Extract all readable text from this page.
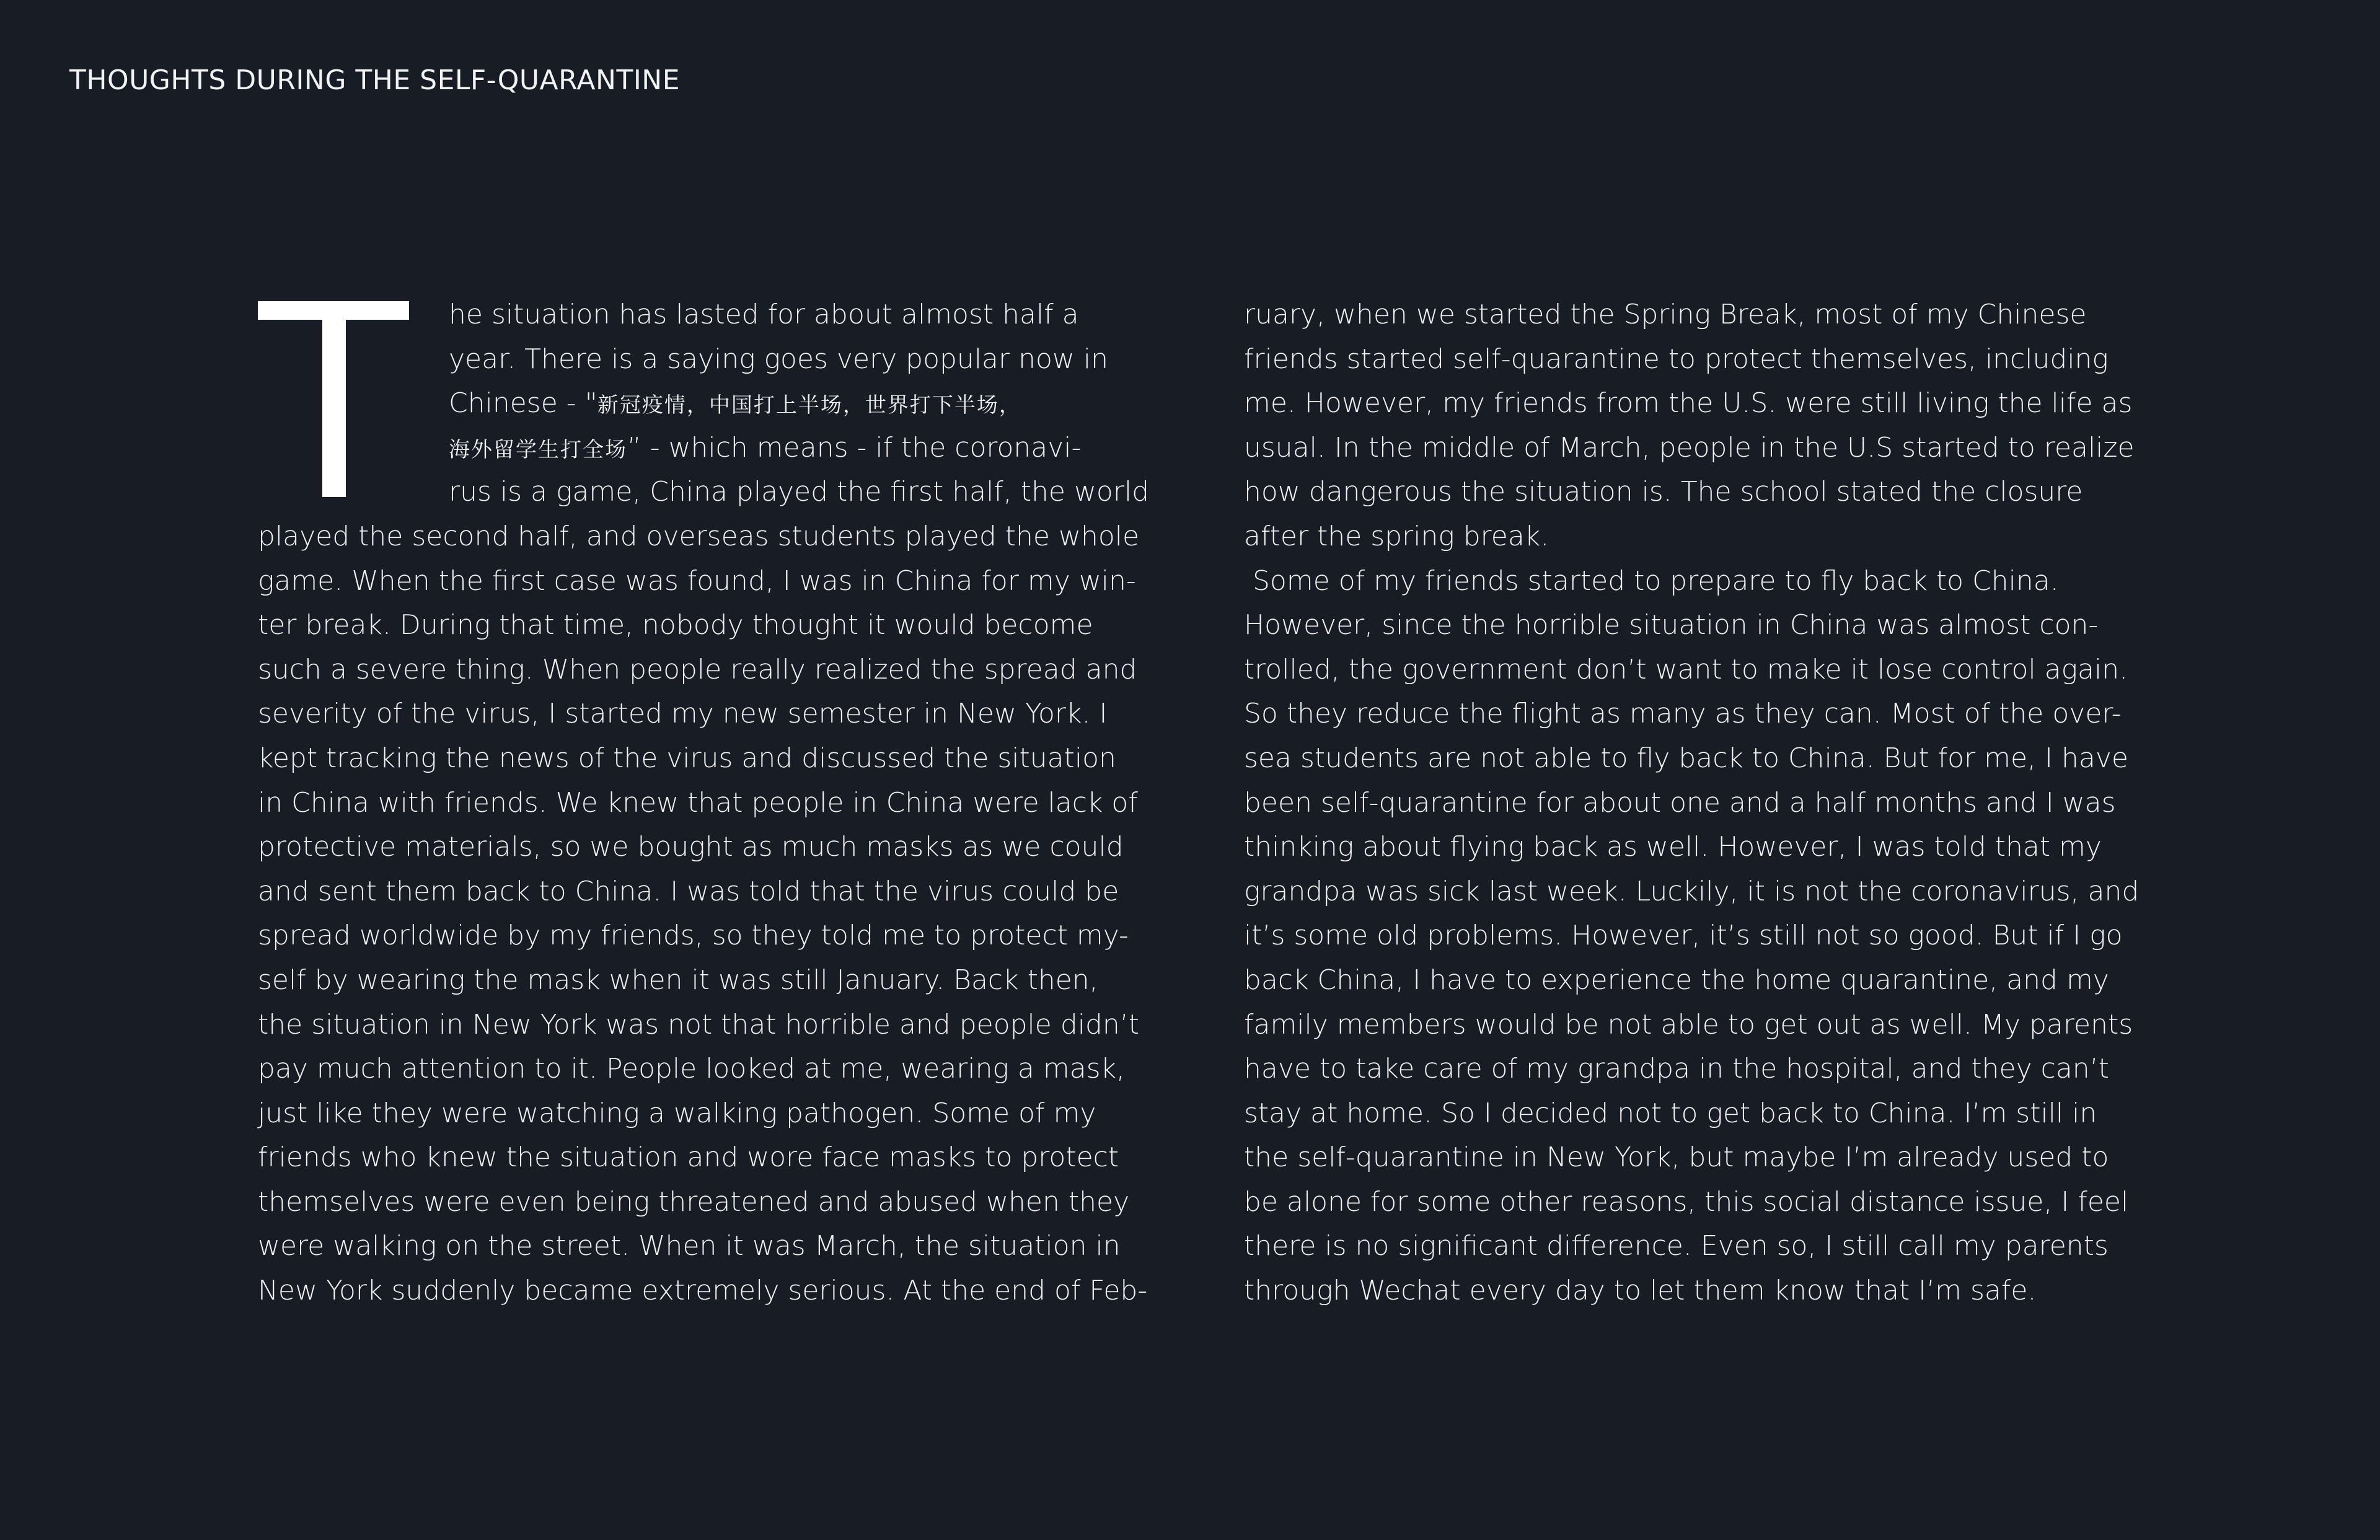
THOUGHTS DURING THE SELF-QUARANTINE
he situation has lasted for about almost half a
year. There is a saying goes very popular now in
Chinese - "新冠疫情，中国打上半场，世界打下半场，
海外留学生打全场” - which means - if the coronavi-
rus is a game, China played the first half, the world
played the second half, and overseas students played the whole
game. When the first case was found, I was in China for my win-
ter break. During that time, nobody thought it would become
such a severe thing. When people really realized the spread and
severity of the virus, I started my new semester in New York. I
kept tracking the news of the virus and discussed the situation
in China with friends. We knew that people in China were lack of
protective materials, so we bought as much masks as we could
and sent them back to China. I was told that the virus could be
spread worldwide by my friends, so they told me to protect my-
self by wearing the mask when it was still January. Back then,
the situation in New York was not that horrible and people didn’t
pay much attention to it. People looked at me, wearing a mask,
just like they were watching a walking pathogen. Some of my
friends who knew the situation and wore face masks to protect
themselves were even being threatened and abused when they
were walking on the street. When it was March, the situation in
New York suddenly became extremely serious. At the end of Feb-
ruary, when we started the Spring Break, most of my Chinese
friends started self-quarantine to protect themselves, including
me. However, my friends from the U.S. were still living the life as
usual. In the middle of March, people in the U.S started to realize
how dangerous the situation is. The school stated the closure
after the spring break.
Some of my friends started to prepare to fly back to China.
However, since the horrible situation in China was almost con-
trolled, the government don’t want to make it lose control again.
So they reduce the flight as many as they can. Most of the over-
sea students are not able to fly back to China. But for me, I have
been self-quarantine for about one and a half months and I was
thinking about flying back as well. However, I was told that my
grandpa was sick last week. Luckily, it is not the coronavirus, and
it’s some old problems. However, it’s still not so good. But if I go
back China, I have to experience the home quarantine, and my
family members would be not able to get out as well. My parents
have to take care of my grandpa in the hospital, and they can’t
stay at home. So I decided not to get back to China. I’m still in
the self-quarantine in New York, but maybe I’m already used to
be alone for some other reasons, this social distance issue, I feel
there is no significant difference. Even so, I still call my parents
through Wechat every day to let them know that I’m safe.
